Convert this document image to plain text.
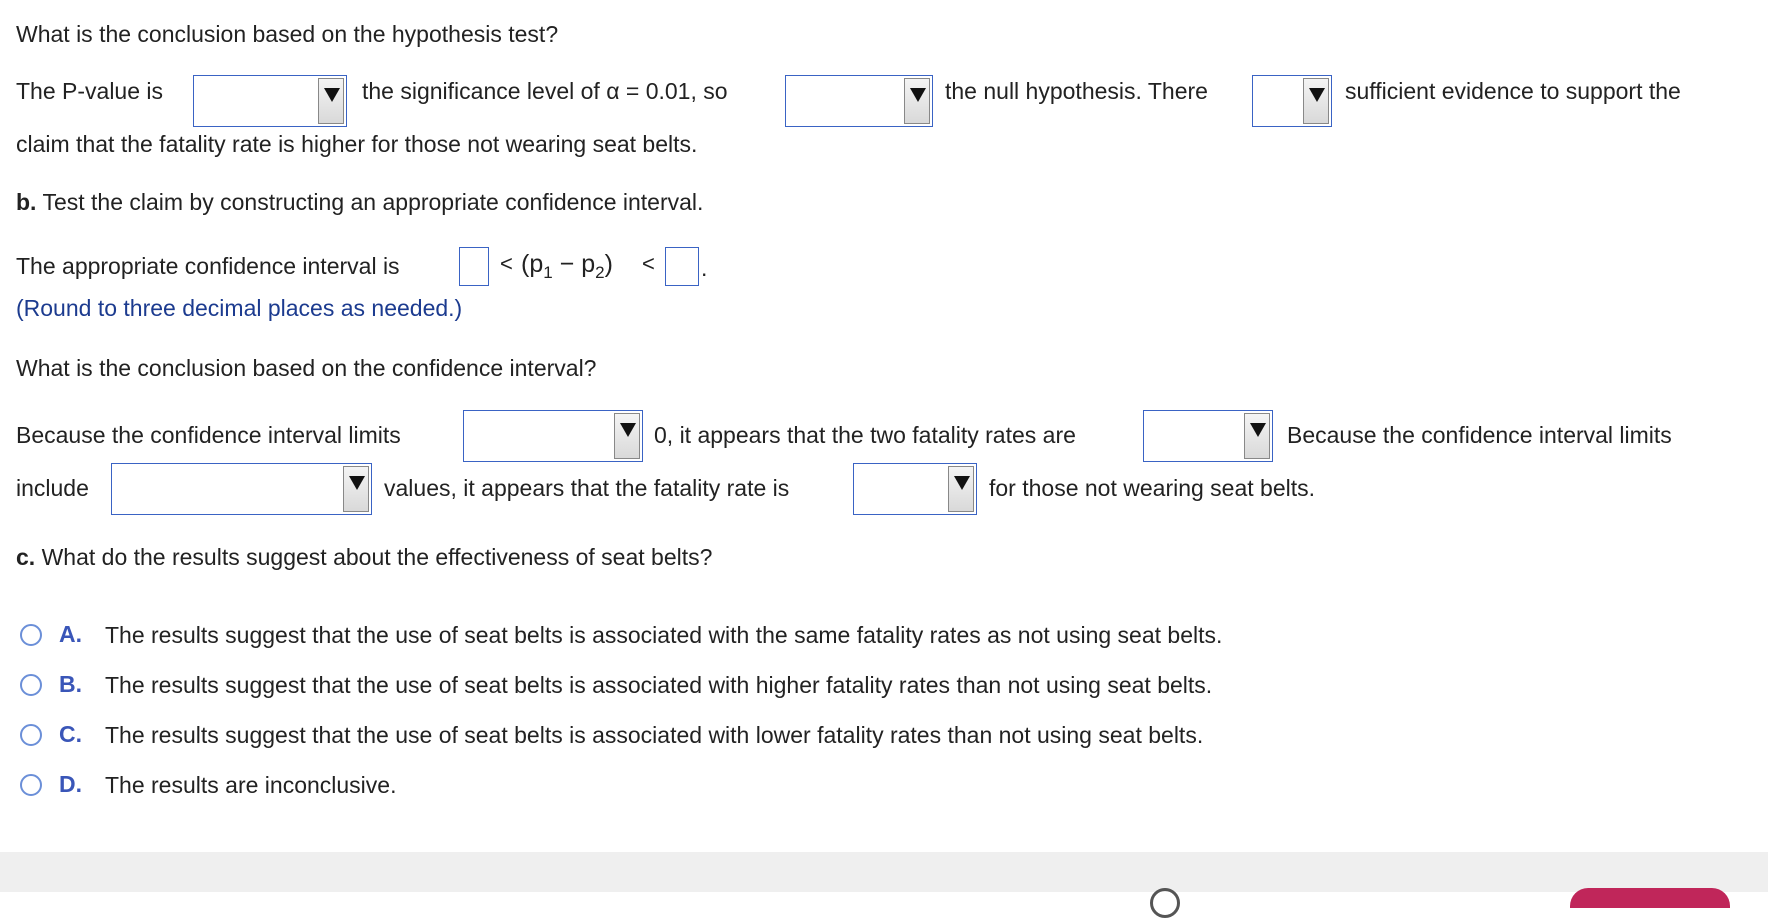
What is the conclusion based on the hypothesis test?
The P-value is	the significance level of α = 0.01, so	the null hypothesis. There	sufficient evidence to support the
claim that the fatality rate is higher for those not wearing seat belts.
b. Test the claim by constructing an appropriate confidence interval.
The appropriate confidence interval is	< $(p_1 - p_2)$ < .
(Round to three decimal places as needed.)
What is the conclusion based on the confidence interval?
Because the confidence interval limits	0, it appears that the two fatality rates are	Because the confidence interval limits
include	values, it appears that the fatality rate is	for those not wearing seat belts.
c. What do the results suggest about the effectiveness of seat belts?
A. The results suggest that the use of seat belts is associated with the same fatality rates as not using seat belts.
B. The results suggest that the use of seat belts is associated with higher fatality rates than not using seat belts.
C. The results suggest that the use of seat belts is associated with lower fatality rates than not using seat belts.
D. The results are inconclusive.
